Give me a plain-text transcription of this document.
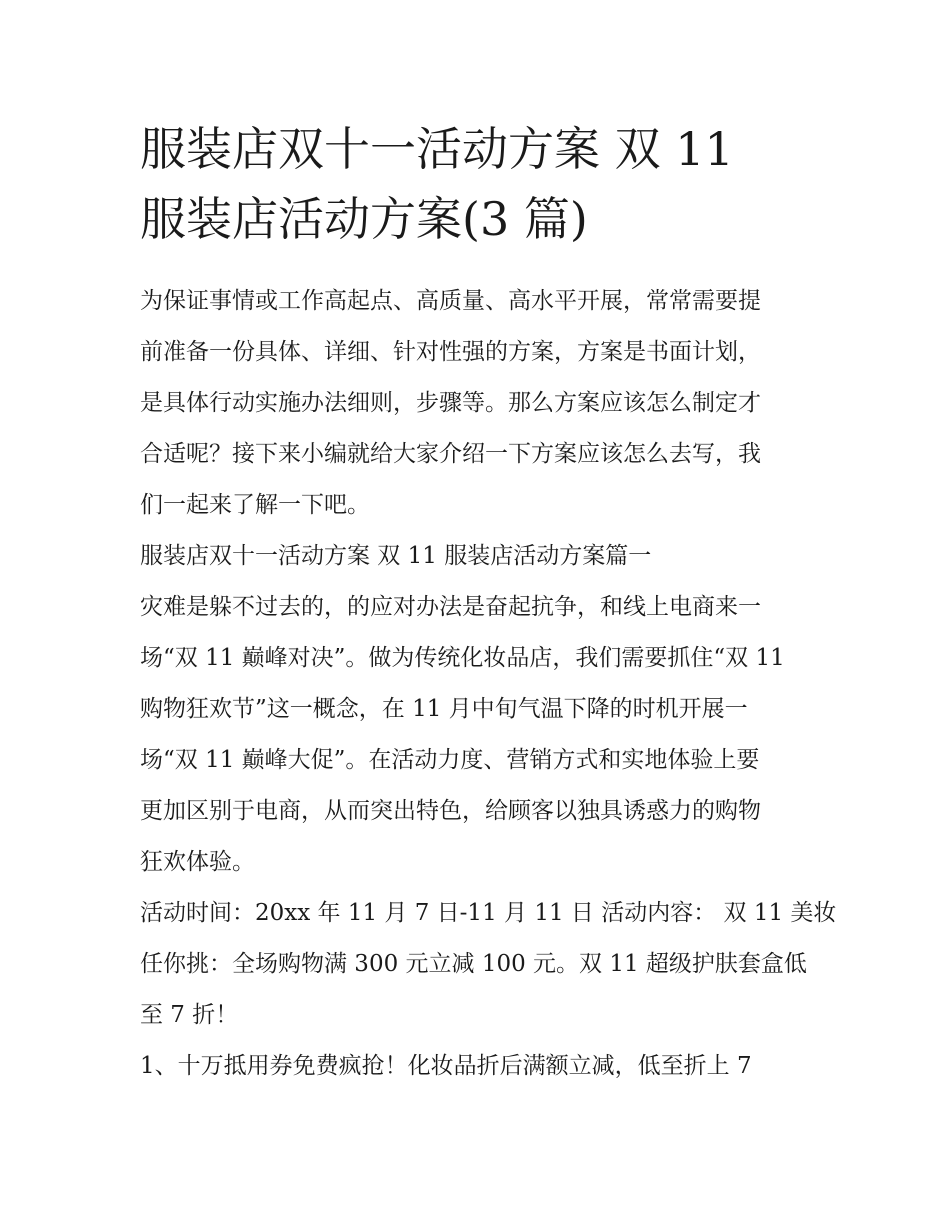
服装店双十一活动方案 双 11
服装店活动方案(3 篇)

为保证事情或工作高起点、高质量、高水平开展，常常需要提
前准备一份具体、详细、针对性强的方案，方案是书面计划，
是具体行动实施办法细则，步骤等。那么方案应该怎么制定才
合适呢？接下来小编就给大家介绍一下方案应该怎么去写，我
们一起来了解一下吧。

服装店双十一活动方案 双 11 服装店活动方案篇一

灾难是躲不过去的，的应对办法是奋起抗争，和线上电商来一
场“双 11 巅峰对决”。做为传统化妆品店，我们需要抓住“双 11
购物狂欢节”这一概念，在 11 月中旬气温下降的时机开展一
场“双 11 巅峰大促”。在活动力度、营销方式和实地体验上要
更加区别于电商，从而突出特色，给顾客以独具诱惑力的购物
狂欢体验。

活动时间：20xx 年 11 月 7 日-11 月 11 日 活动内容： 双 11 美妆
任你挑：全场购物满 300 元立减 100 元。双 11 超级护肤套盒低
至 7 折！

1、十万抵用券免费疯抢！化妆品折后满额立减，低至折上 7
